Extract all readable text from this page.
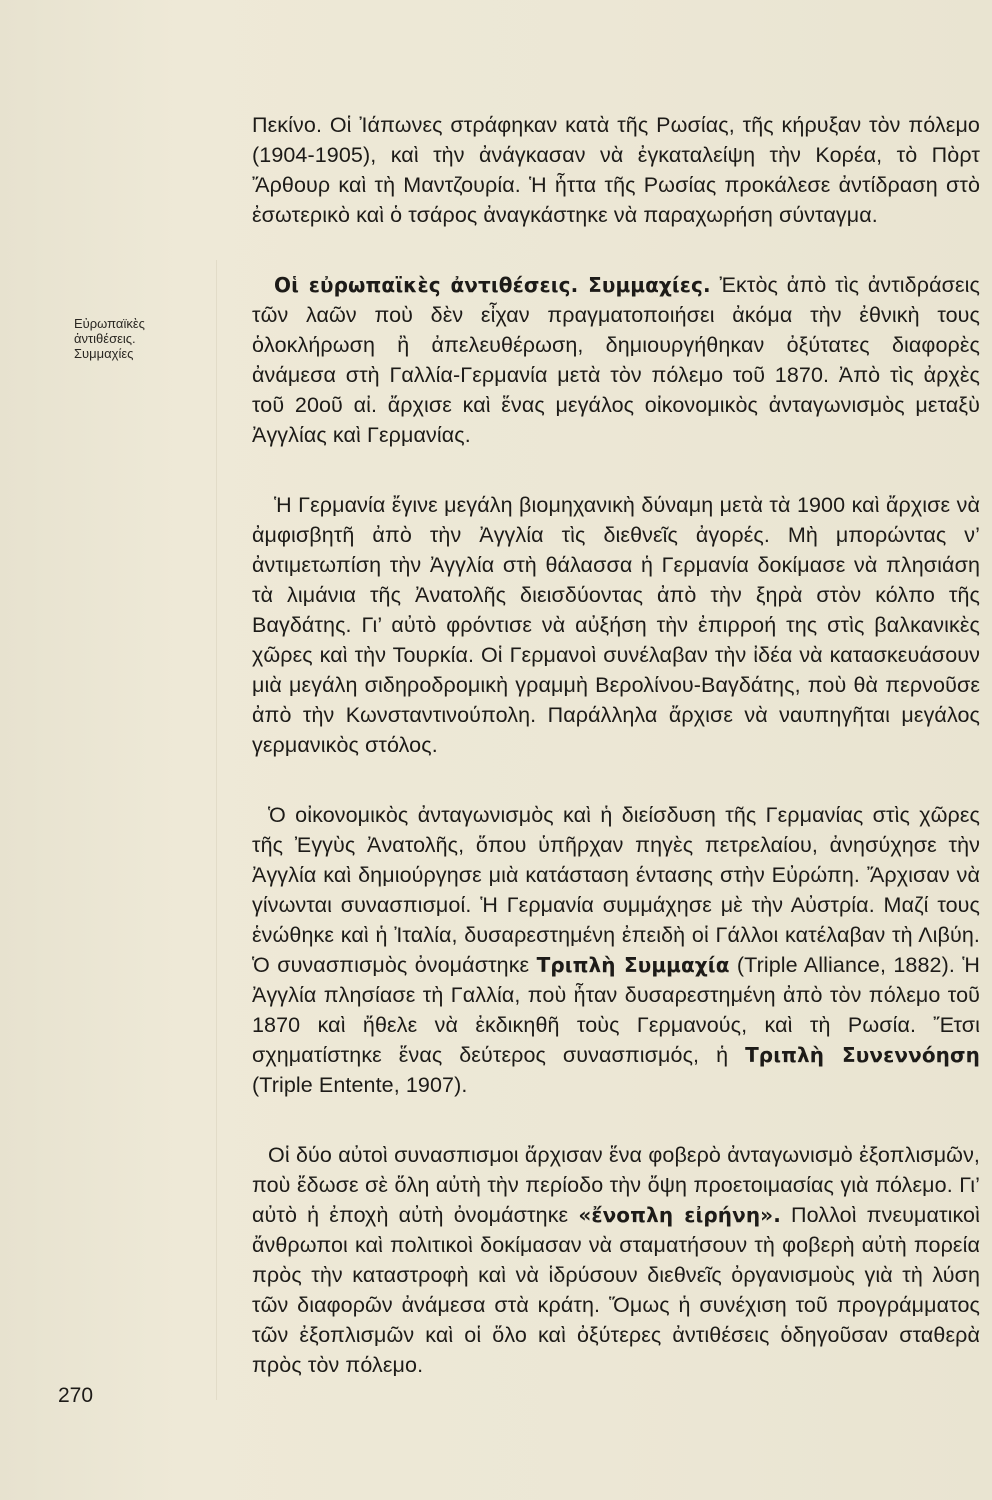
Εὐρωπαϊκὲς
ἀντιθέσεις.
Συμμαχίες

Πεκίνο. Οἱ Ἰάπωνες στράφηκαν κατὰ τῆς Ρωσίας, τῆς κήρυξαν τὸν πόλεμο (1904-1905), καὶ τὴν ἀνάγκασαν νὰ ἐγκαταλείψη τὴν Κορέα, τὸ Πὸρτ Ἄρθουρ καὶ τὴ Μαντζουρία. Ἡ ἧττα τῆς Ρωσίας προκάλεσε ἀντίδραση στὸ ἐσωτερικὸ καὶ ὁ τσάρος ἀναγκάστηκε νὰ παραχωρήση σύνταγμα.

Οἱ εὐρωπαϊκὲς ἀντιθέσεις. Συμμαχίες. Ἐκτὸς ἀπὸ τὶς ἀντιδράσεις τῶν λαῶν ποὺ δὲν εἶχαν πραγματοποιήσει ἀκόμα τὴν ἐθνικὴ τους ὁλοκλήρωση ἢ ἀπελευθέρωση, δημιουργήθηκαν ὀξύτατες διαφορὲς ἀνάμεσα στὴ Γαλλία-Γερμανία μετὰ τὸν πόλεμο τοῦ 1870. Ἀπὸ τὶς ἀρχὲς τοῦ 20οῦ αἰ. ἄρχισε καὶ ἕνας μεγάλος οἰκονομικὸς ἀνταγωνισμὸς μεταξὺ Ἀγγλίας καὶ Γερμανίας.

Ἡ Γερμανία ἔγινε μεγάλη βιομηχανικὴ δύναμη μετὰ τὰ 1900 καὶ ἄρχισε νὰ ἀμφισβητῆ ἀπὸ τὴν Ἀγγλία τὶς διεθνεῖς ἀγορές. Μὴ μπορώντας ν’ ἀντιμετωπίση τὴν Ἀγγλία στὴ θάλασσα ἡ Γερμανία δοκίμασε νὰ πλησιάση τὰ λιμάνια τῆς Ἀνατολῆς διεισδύοντας ἀπὸ τὴν ξηρὰ στὸν κόλπο τῆς Βαγδάτης. Γι’ αὐτὸ φρόντισε νὰ αὐξήση τὴν ἐπιρροή της στὶς βαλκανικὲς χῶρες καὶ τὴν Τουρκία. Οἱ Γερμανοὶ συνέλαβαν τὴν ἰδέα νὰ κατασκευάσουν μιὰ μεγάλη σιδηροδρομικὴ γραμμὴ Βερολίνου-Βαγδάτης, ποὺ θὰ περνοῦσε ἀπὸ τὴν Κωνσταντινούπολη. Παράλληλα ἄρχισε νὰ ναυπηγῆται μεγάλος γερμανικὸς στόλος.

Ὁ οἰκονομικὸς ἀνταγωνισμὸς καὶ ἡ διείσδυση τῆς Γερμανίας στὶς χῶρες τῆς Ἐγγὺς Ἀνατολῆς, ὅπου ὑπῆρχαν πηγὲς πετρελαίου, ἀνησύχησε τὴν Ἀγγλία καὶ δημιούργησε μιὰ κατάσταση έντασης στὴν Εὐρώπη. Ἄρχισαν νὰ γίνωνται συνασπισμοί. Ἡ Γερμανία συμμάχησε μὲ τὴν Αὐστρία. Μαζί τους ἑνώθηκε καὶ ἡ Ἰταλία, δυσαρεστημένη ἐπειδὴ οἱ Γάλλοι κατέλαβαν τὴ Λιβύη. Ὁ συνασπισμὸς ὀνομάστηκε Τριπλὴ Συμμαχία (Triple Alliance, 1882). Ἡ Ἀγγλία πλησίασε τὴ Γαλλία, ποὺ ἦταν δυσαρεστημένη ἀπὸ τὸν πόλεμο τοῦ 1870 καὶ ἤθελε νὰ ἐκδικηθῆ τοὺς Γερμανούς, καὶ τὴ Ρωσία. Ἔτσι σχηματίστηκε ἕνας δεύτερος συνασπισμός, ἡ Τριπλὴ Συνεννόηση (Triple Entente, 1907).

Οἱ δύο αὐτοὶ συνασπισμοι ἄρχισαν ἕνα φοβερὸ ἀνταγωνισμὸ ἐξοπλισμῶν, ποὺ ἔδωσε σὲ ὅλη αὐτὴ τὴν περίοδο τὴν ὄψη προετοιμασίας γιὰ πόλεμο. Γι’ αὐτὸ ἡ ἐποχὴ αὐτὴ ὀνομάστηκε «ἔνοπλη εἰρήνη». Πολλοὶ πνευματικοὶ ἄνθρωποι καὶ πολιτικοὶ δοκίμασαν νὰ σταματήσουν τὴ φοβερὴ αὐτὴ πορεία πρὸς τὴν καταστροφὴ καὶ νὰ ἱδρύσουν διεθνεῖς ὀργανισμοὺς γιὰ τὴ λύση τῶν διαφορῶν ἀνάμεσα στὰ κράτη. Ὅμως ἡ συνέχιση τοῦ προγράμματος τῶν ἐξοπλισμῶν καὶ οἱ ὅλο καὶ ὀξύτερες ἀντιθέσεις ὁδηγοῦσαν σταθερὰ πρὸς τὸν πόλεμο.

270
